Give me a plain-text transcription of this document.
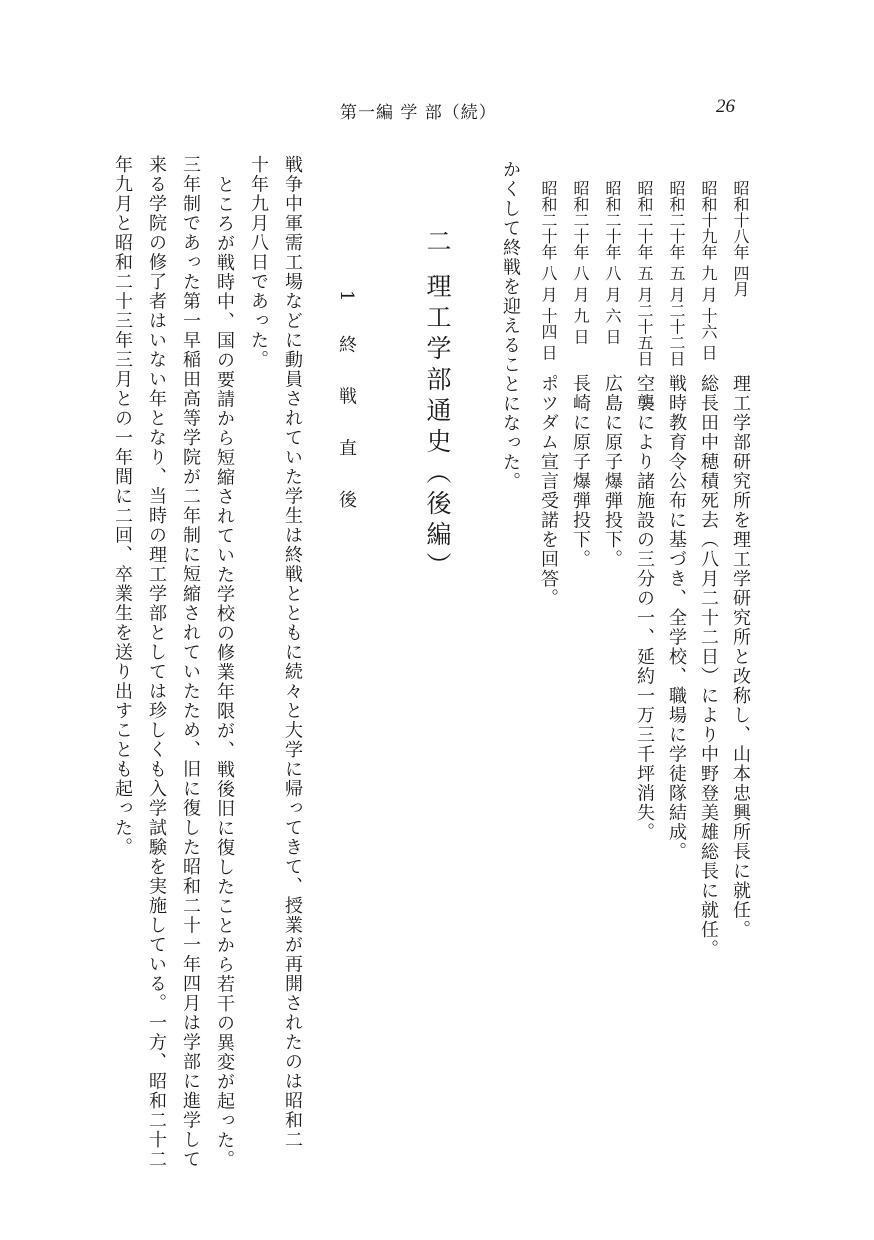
第一編 学 部（続）	26
昭和十八年 四月
理工学部研究所を理工学研究所と改称し、山本忠興所長に就任。
昭和十九年 九 月 十六 日
総長田中穂積死去（八月二十二日）により中野登美雄総長に就任。
昭和二十年 五 月二十二日
戦時教育令公布に基づき、全学校、職場に学徒隊結成。
昭和二十年 五 月二十五日
空襲により諸施設の三分の一、延約一万三千坪消失。
昭和二十年 八 月 六 日
広島に原子爆弾投下。
昭和二十年 八 月 九 日
長崎に原子爆弾投下。
昭和二十年 八 月 十四 日
ポツダム宣言受諾を回答。
かくして終戦を迎えることになった。
二 理工学部通史（後編）
1 終 戦 直 後
戦争中軍需工場などに動員されていた学生は終戦とともに続々と大学に帰ってきて、授業が再開されたのは昭和二
十年九月八日であった。
ところが戦時中、国の要請から短縮されていた学校の修業年限が、戦後旧に復したことから若干の異変が起った。
三年制であった第一早稲田高等学院が二年制に短縮されていたため、旧に復した昭和二十一年四月は学部に進学して
来る学院の修了者はいない年となり、当時の理工学部としては珍しくも入学試験を実施している。一方、昭和二十二
年九月と昭和二十三年三月との一年間に二回、卒業生を送り出すことも起った。
